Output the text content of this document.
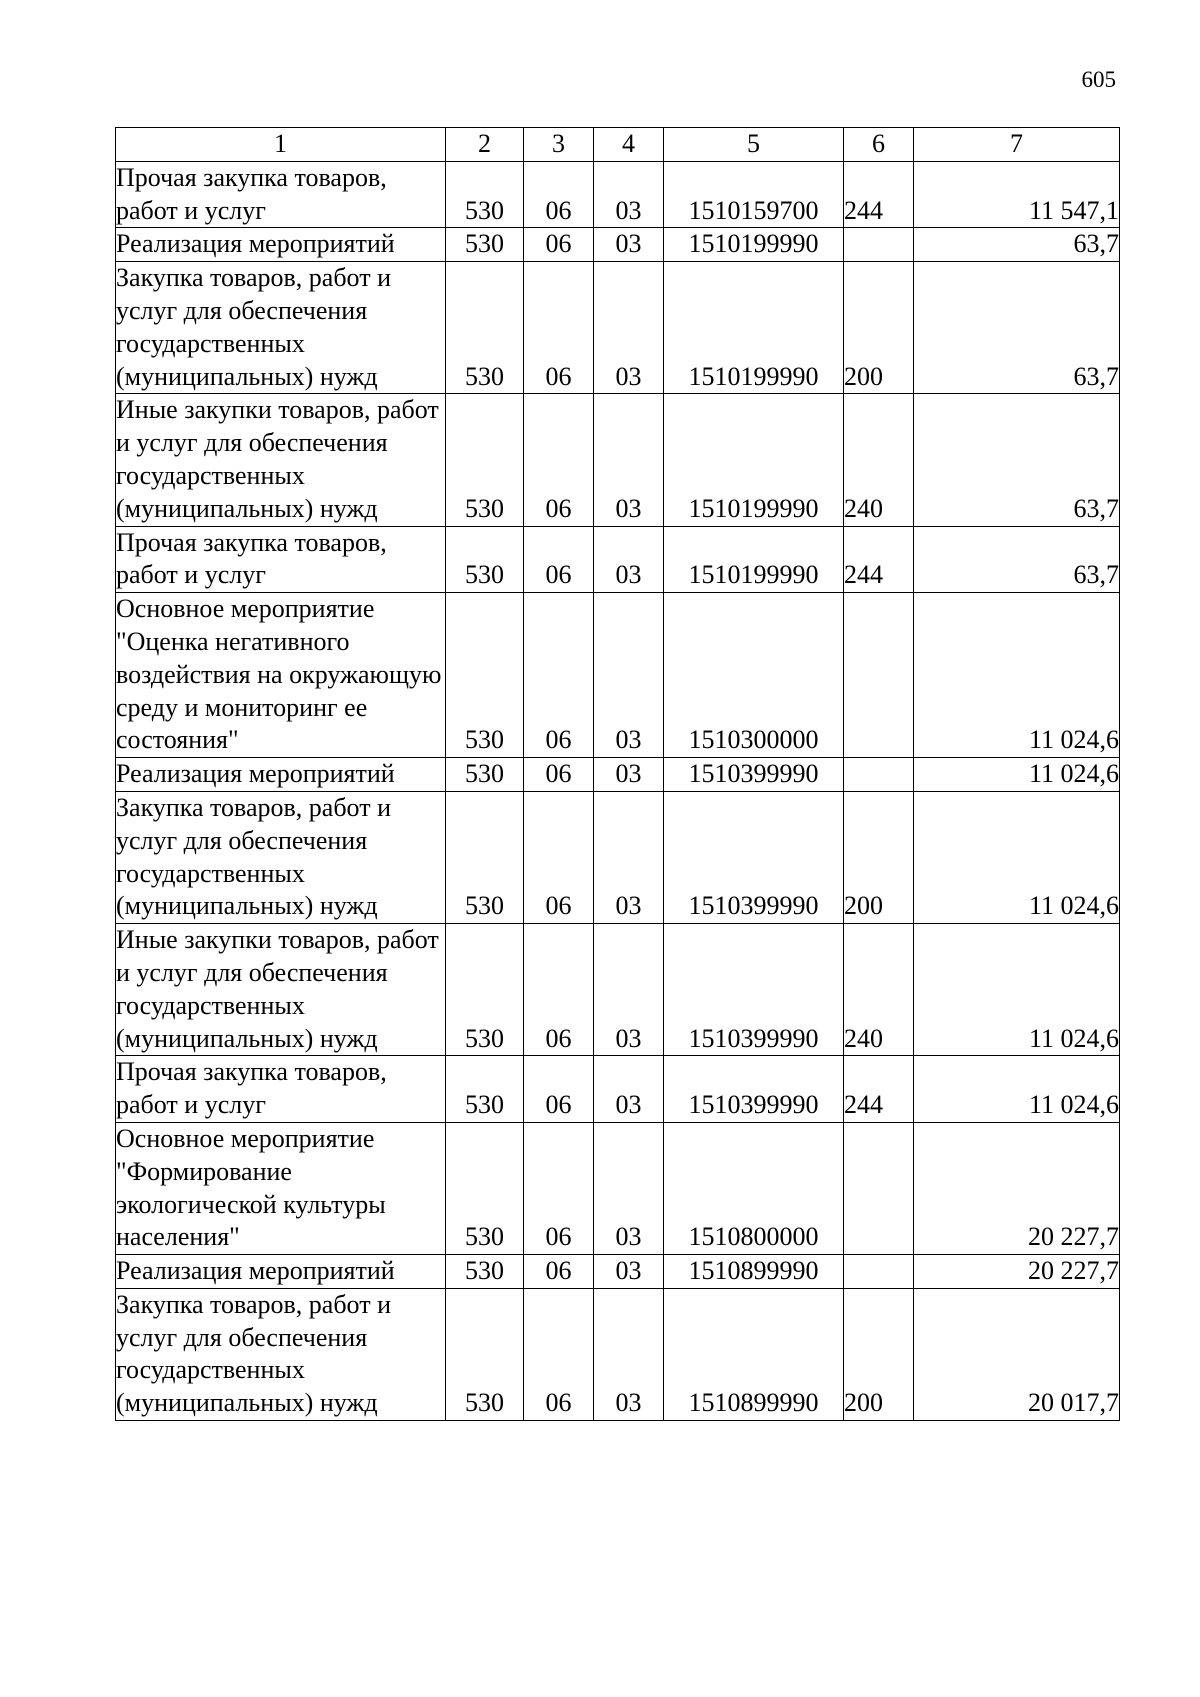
605
1	2	3	4	5	6	7
Прочая закупка товаров, работ и услуг	530	06	03	1510159700	244	11 547,1
Реализация мероприятий	530	06	03	1510199990		63,7
Закупка товаров, работ и услуг для обеспечения государственных (муниципальных) нужд	530	06	03	1510199990	200	63,7
Иные закупки товаров, работ и услуг для обеспечения государственных (муниципальных) нужд	530	06	03	1510199990	240	63,7
Прочая закупка товаров, работ и услуг	530	06	03	1510199990	244	63,7
Основное мероприятие "Оценка негативного воздействия на окружающую среду и мониторинг ее состояния"	530	06	03	1510300000		11 024,6
Реализация мероприятий	530	06	03	1510399990		11 024,6
Закупка товаров, работ и услуг для обеспечения государственных (муниципальных) нужд	530	06	03	1510399990	200	11 024,6
Иные закупки товаров, работ и услуг для обеспечения государственных (муниципальных) нужд	530	06	03	1510399990	240	11 024,6
Прочая закупка товаров, работ и услуг	530	06	03	1510399990	244	11 024,6
Основное мероприятие "Формирование экологической культуры населения"	530	06	03	1510800000		20 227,7
Реализация мероприятий	530	06	03	1510899990		20 227,7
Закупка товаров, работ и услуг для обеспечения государственных (муниципальных) нужд	530	06	03	1510899990	200	20 017,7
